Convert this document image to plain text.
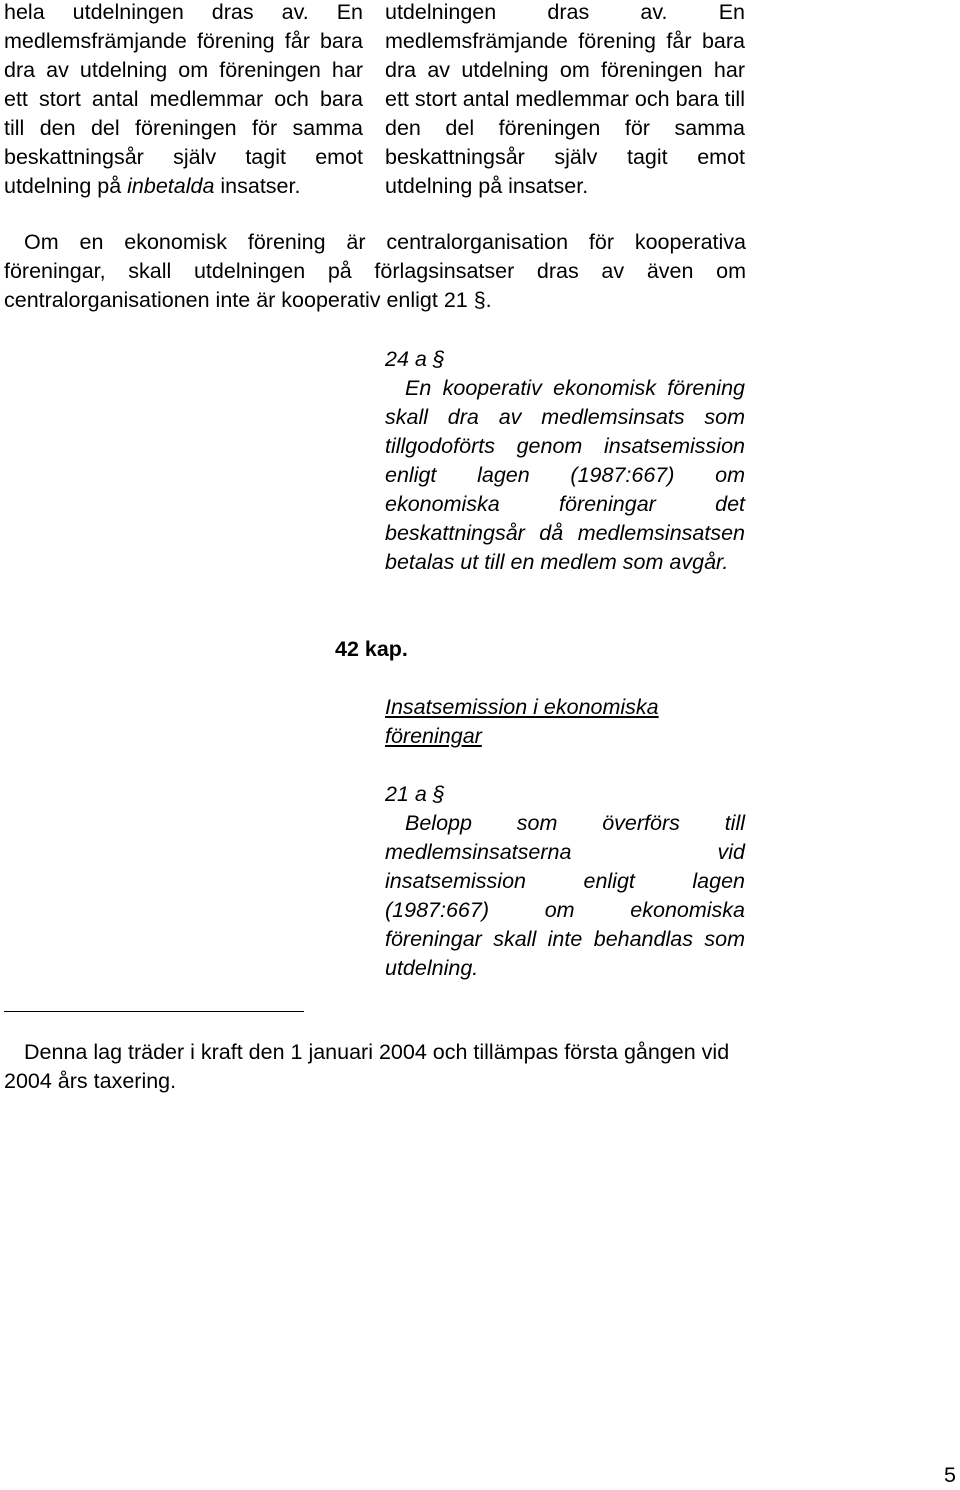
hela utdelningen dras av. En medlemsfrämjande förening får bara dra av utdelning om föreningen har ett stort antal medlemmar och bara till den del föreningen för samma beskattningsår själv tagit emot utdelning på inbetalda insatser.

utdelningen dras av. En medlemsfrämjande förening får bara dra av utdelning om föreningen har ett stort antal medlemmar och bara till den del föreningen för samma beskattningsår själv tagit emot utdelning på insatser.

Om en ekonomisk förening är centralorganisation för kooperativa föreningar, skall utdelningen på förlagsinsatser dras av även om centralorganisationen inte är kooperativ enligt 21 §.

24 a §

En kooperativ ekonomisk förening skall dra av medlemsinsats som tillgodoförts genom insatsemission enligt lagen (1987:667) om ekonomiska föreningar det beskattningsår då medlemsinsatsen betalas ut till en medlem som avgår.

42 kap.

Insatsemission i ekonomiska föreningar

21 a §

Belopp som överförs till medlemsinsatserna vid insatsemission enligt lagen (1987:667) om ekonomiska föreningar skall inte behandlas som utdelning.

Denna lag träder i kraft den 1 januari 2004 och tillämpas första gången vid 2004 års taxering.

5
